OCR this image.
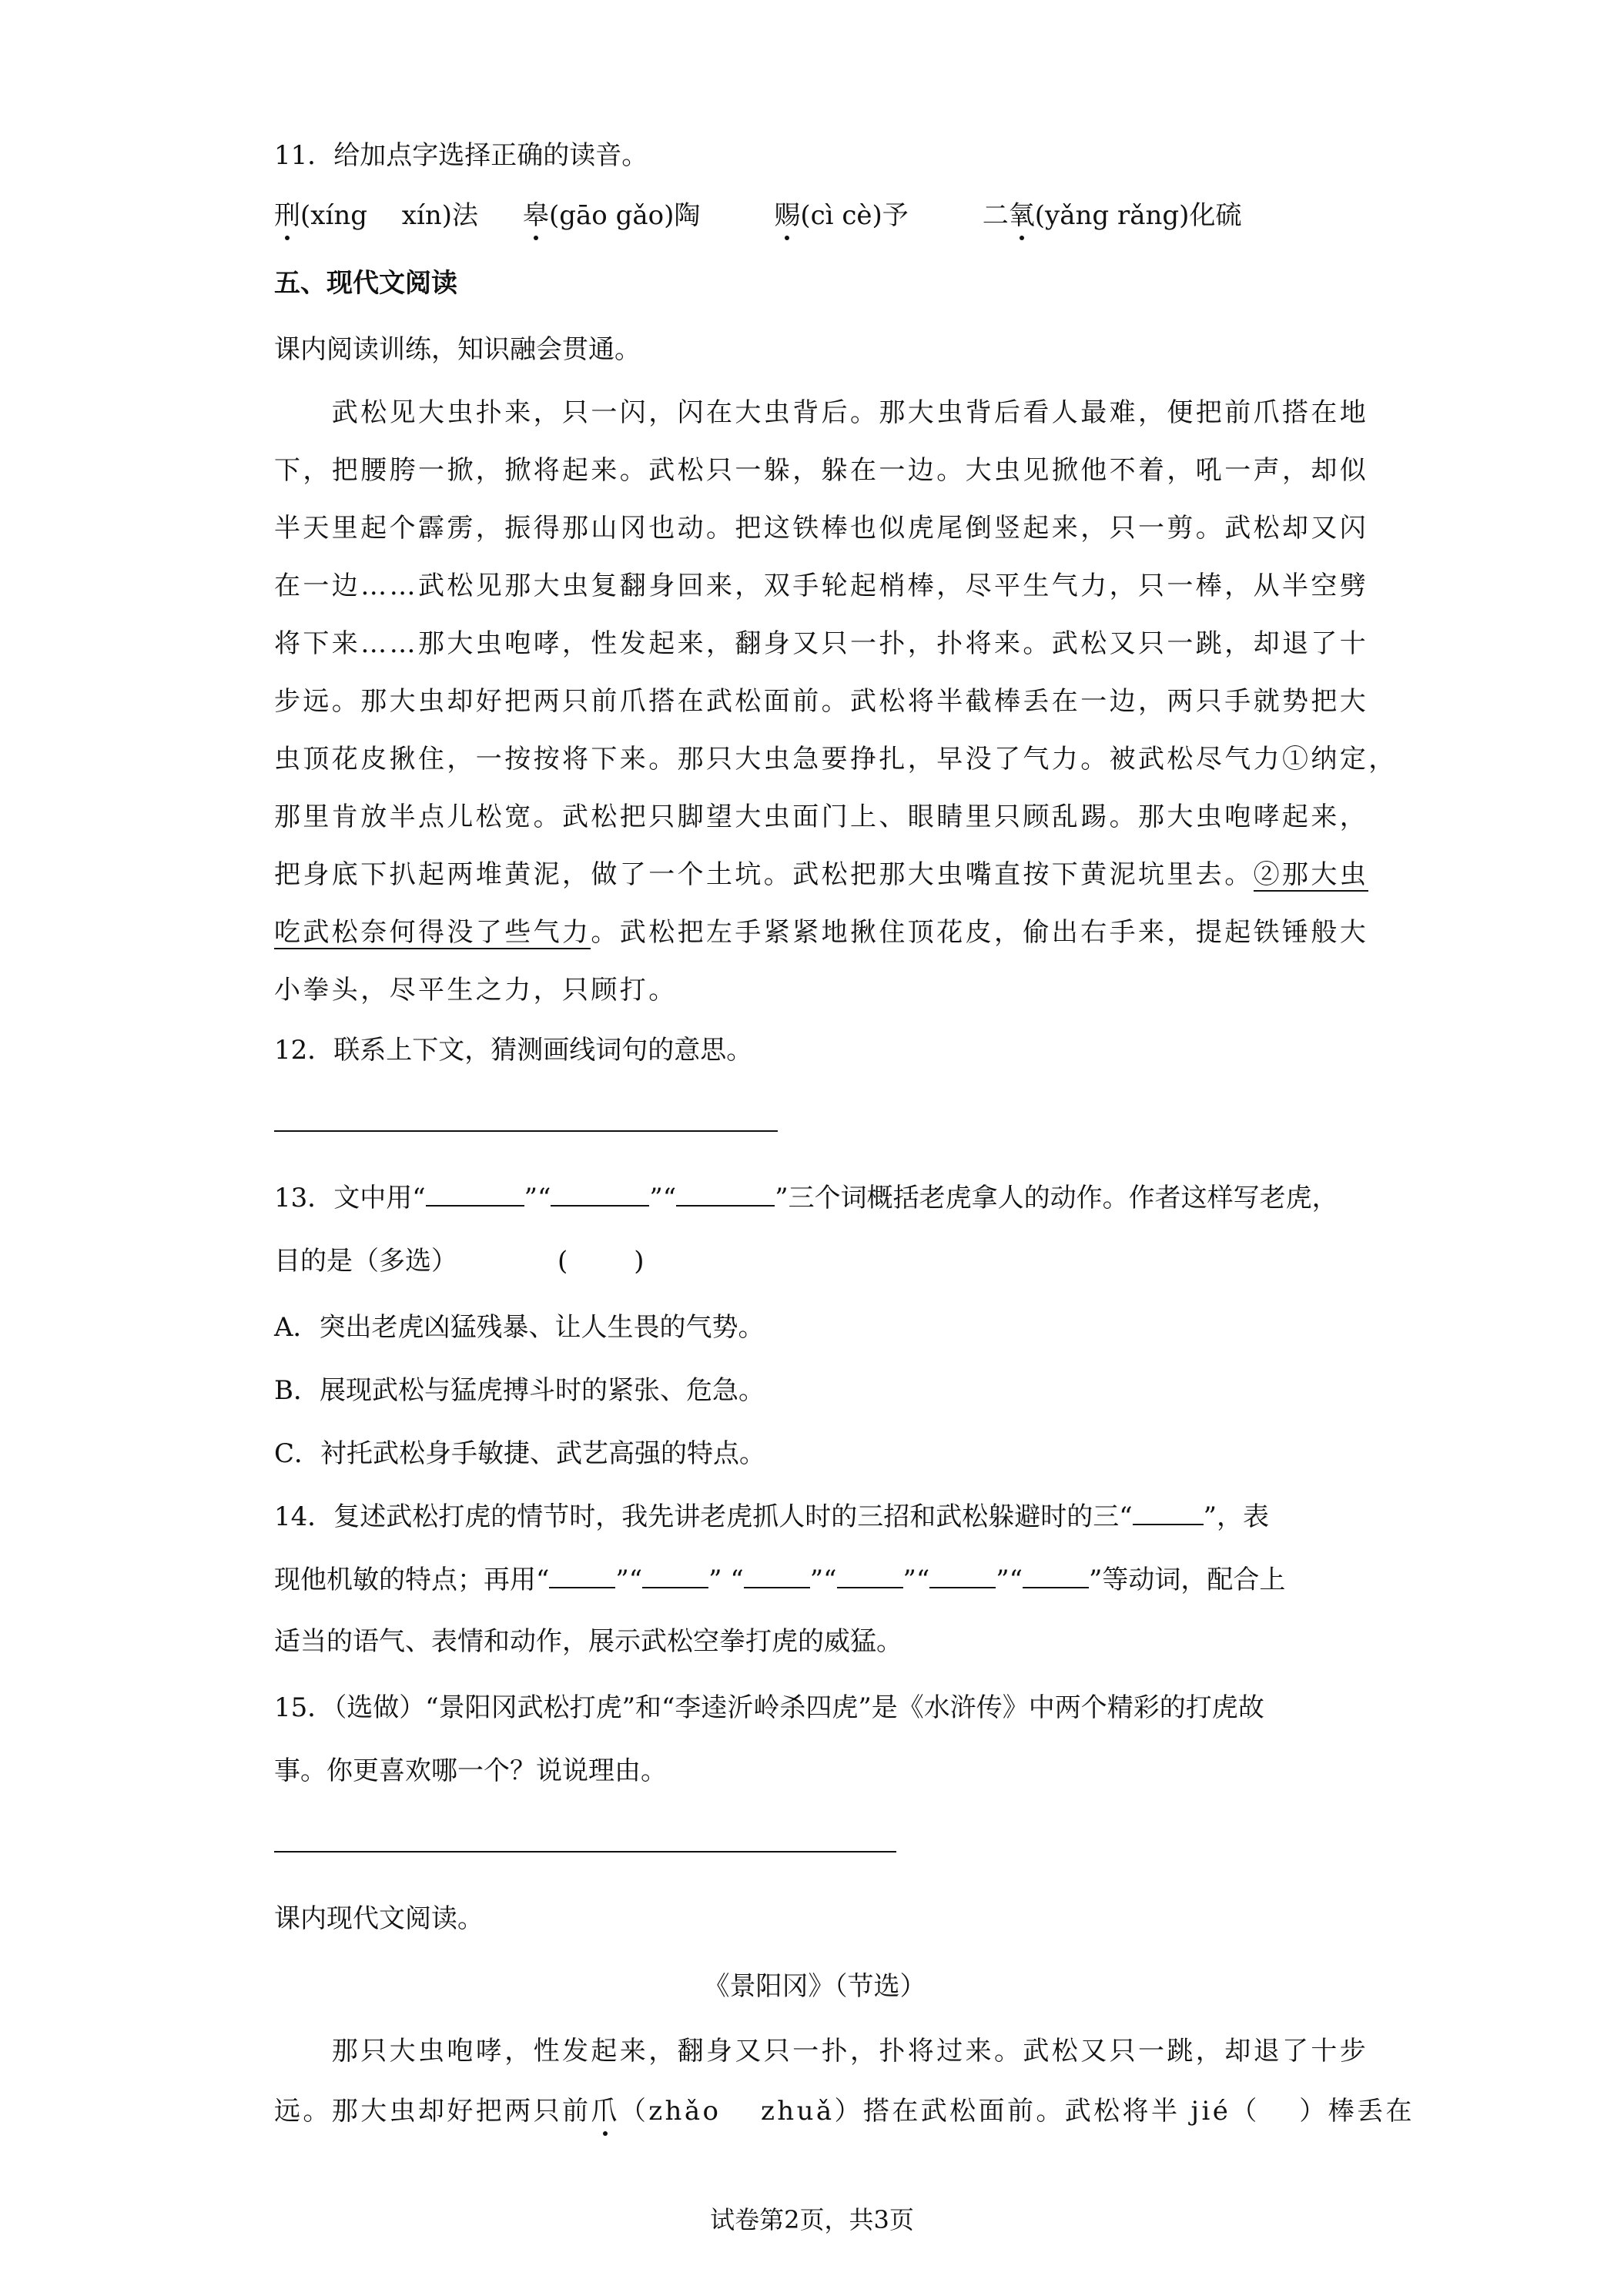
11．给加点字选择正确的读音。
刑(xíng　 xín)法 皋(gāo gǎo)陶	赐(cì cè)予	二氧(yǎng rǎng)化硫
五、现代文阅读
课内阅读训练，知识融会贯通。
　　武松见大虫扑来，只一闪，闪在大虫背后。那大虫背后看人最难，便把前爪搭在地
下，把腰胯一掀，掀将起来。武松只一躲，躲在一边。大虫见掀他不着，吼一声，却似
半天里起个霹雳，振得那山冈也动。把这铁棒也似虎尾倒竖起来，只一剪。武松却又闪
在一边……武松见那大虫复翻身回来，双手轮起梢棒，尽平生气力，只一棒，从半空劈
将下来……那大虫咆哮，性发起来，翻身又只一扑，扑将来。武松又只一跳，却退了十
步远。那大虫却好把两只前爪搭在武松面前。武松将半截棒丢在一边，两只手就势把大
虫顶花皮揪住，一按按将下来。那只大虫急要挣扎，早没了气力。被武松尽气力①纳定，
那里肯放半点儿松宽。武松把只脚望大虫面门上、眼睛里只顾乱踢。那大虫咆哮起来，
把身底下扒起两堆黄泥，做了一个土坑。武松把那大虫嘴直按下黄泥坑里去。②那大虫
吃武松奈何得没了些气力。武松把左手紧紧地揪住顶花皮，偷出右手来，提起铁锤般大
小拳头，尽平生之力，只顾打。
12．联系上下文，猜测画线词句的意思。
13．文中用“	”“	”“	”三个词概括老虎拿人的动作。作者这样写老虎，
目的是（多选）	(	)
A．突出老虎凶猛残暴、让人生畏的气势。
B．展现武松与猛虎搏斗时的紧张、危急。
C．衬托武松身手敏捷、武艺高强的特点。
14．复述武松打虎的情节时，我先讲老虎抓人时的三招和武松躲避时的三“	”，表
现他机敏的特点；再用“	”“	” “	”“	”“	”“	”等动词，配合上
适当的语气、表情和动作，展示武松空拳打虎的威猛。
15．（选做）“景阳冈武松打虎”和“李逵沂岭杀四虎”是《水浒传》中两个精彩的打虎故
事。你更喜欢哪一个？说说理由。
课内现代文阅读。
《景阳冈》（节选）
　　那只大虫咆哮，性发起来，翻身又只一扑，扑将过来。武松又只一跳，却退了十步
远。那大虫却好把两只前爪（zhǎo　 zhuǎ）搭在武松面前。武松将半 jié（　 ）棒丢在
试卷第2页，共3页
